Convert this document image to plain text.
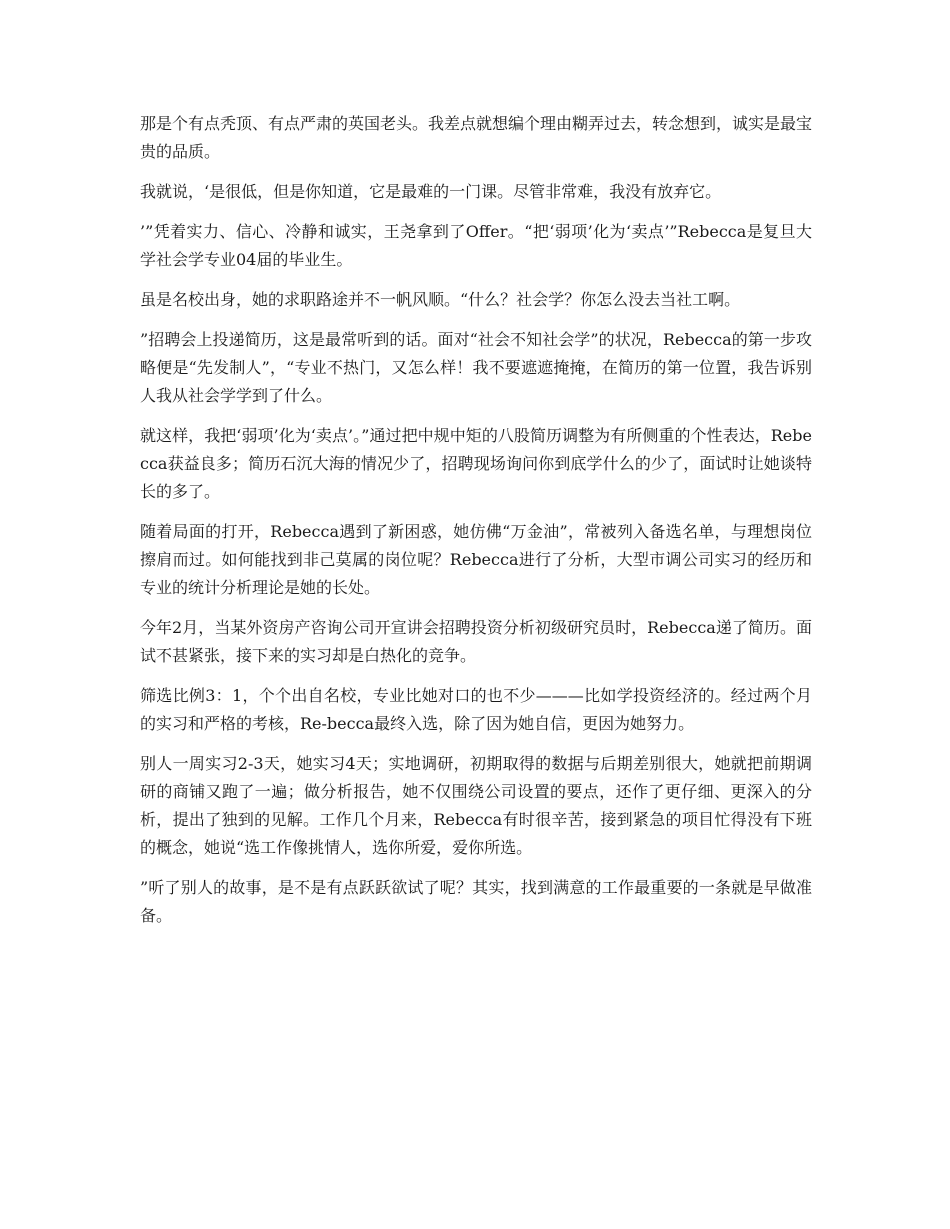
那是个有点秃顶、有点严肃的英国老头。我差点就想编个理由糊弄过去，转念想到，诚实是最宝贵的品质。

我就说，‘是很低，但是你知道，它是最难的一门课。尽管非常难，我没有放弃它。

’”凭着实力、信心、冷静和诚实，王尧拿到了Offer。“把‘弱项’化为‘卖点’”Rebecca是复旦大学社会学专业04届的毕业生。

虽是名校出身，她的求职路途并不一帆风顺。“什么？社会学？你怎么没去当社工啊。

”招聘会上投递简历，这是最常听到的话。面对“社会不知社会学”的状况，Rebecca的第一步攻略便是“先发制人”，“专业不热门，又怎么样！我不要遮遮掩掩，在简历的第一位置，我告诉别人我从社会学学到了什么。

就这样，我把‘弱项’化为‘卖点’。”通过把中规中矩的八股简历调整为有所侧重的个性表达，Rebecca获益良多；简历石沉大海的情况少了，招聘现场询问你到底学什么的少了，面试时让她谈特长的多了。

随着局面的打开，Rebecca遇到了新困惑，她仿佛“万金油”，常被列入备选名单，与理想岗位擦肩而过。如何能找到非己莫属的岗位呢？Rebecca进行了分析，大型市调公司实习的经历和专业的统计分析理论是她的长处。

今年2月，当某外资房产咨询公司开宣讲会招聘投资分析初级研究员时，Rebecca递了简历。面试不甚紧张，接下来的实习却是白热化的竞争。

筛选比例3：1，个个出自名校，专业比她对口的也不少———比如学投资经济的。经过两个月的实习和严格的考核，Re-becca最终入选，除了因为她自信，更因为她努力。

别人一周实习2-3天，她实习4天；实地调研，初期取得的数据与后期差别很大，她就把前期调研的商铺又跑了一遍；做分析报告，她不仅围绕公司设置的要点，还作了更仔细、更深入的分析，提出了独到的见解。工作几个月来，Rebecca有时很辛苦，接到紧急的项目忙得没有下班的概念，她说“选工作像挑情人，选你所爱，爱你所选。

”听了别人的故事，是不是有点跃跃欲试了呢？其实，找到满意的工作最重要的一条就是早做准备。
